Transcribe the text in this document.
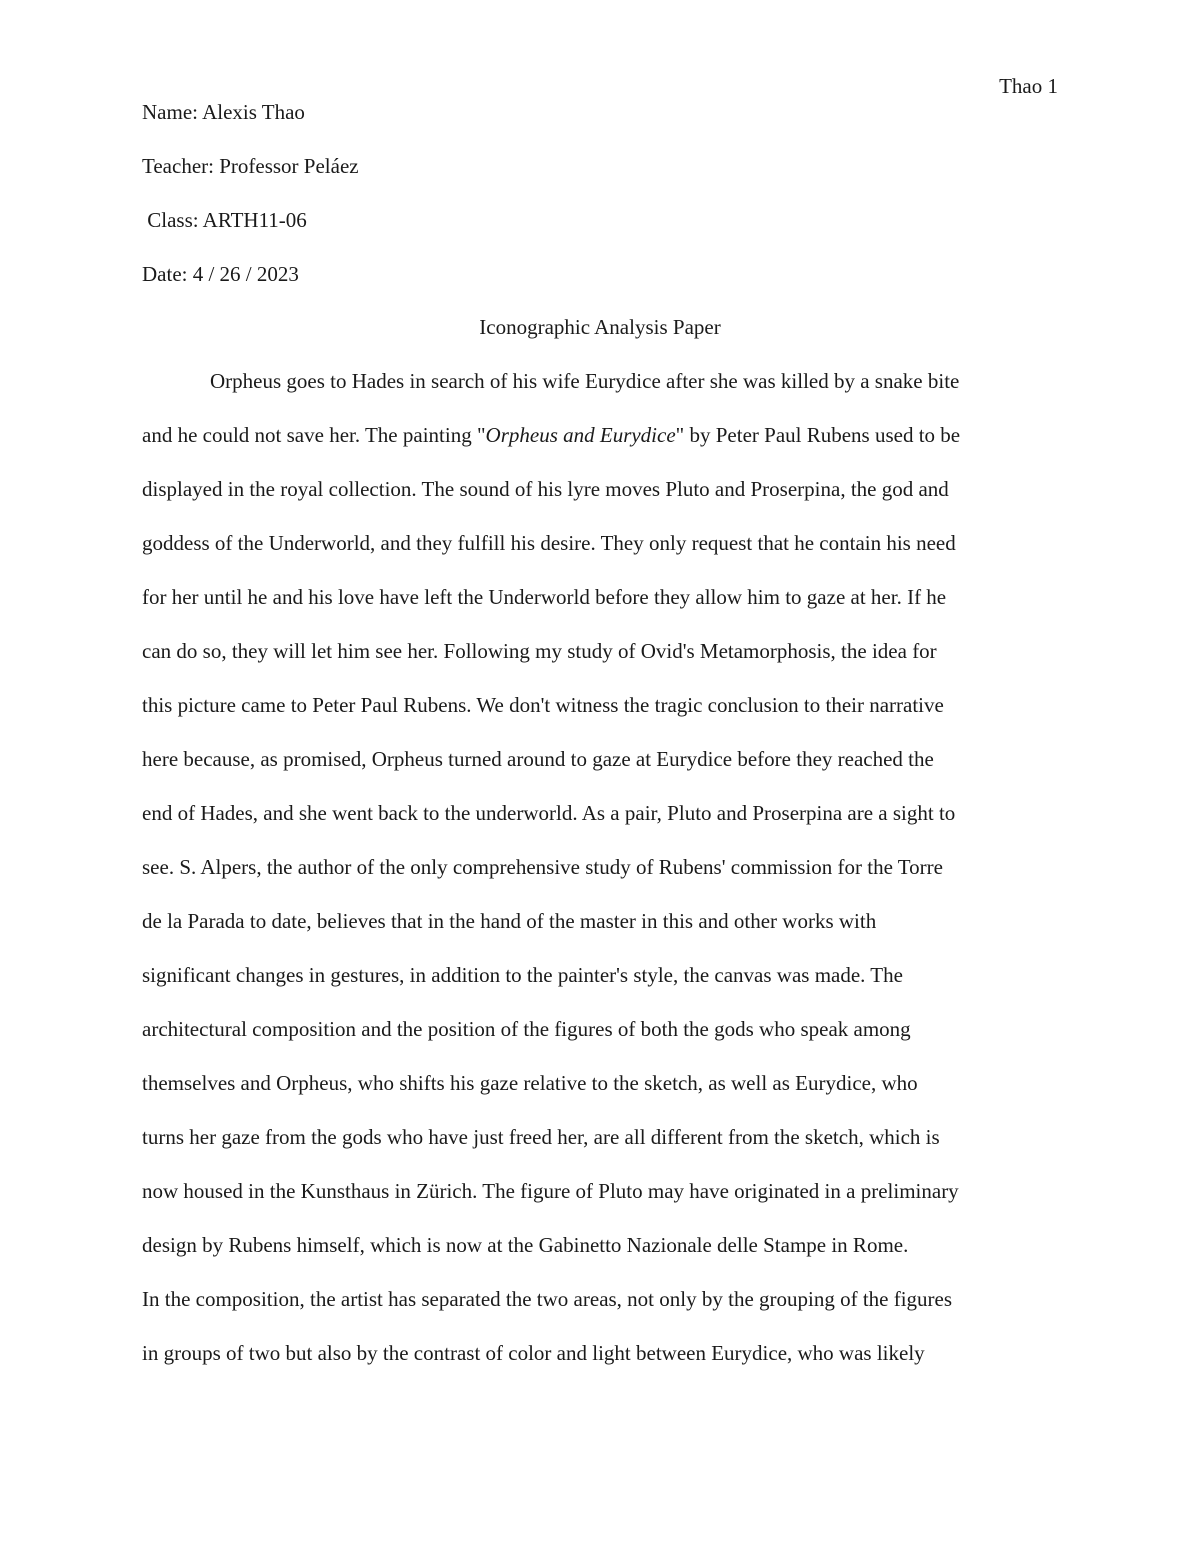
Thao 1
Name: Alexis Thao
Teacher: Professor Peláez
Class: ARTH11-06
Date: 4 / 26 / 2023
Iconographic Analysis Paper
Orpheus goes to Hades in search of his wife Eurydice after she was killed by a snake bite
and he could not save her. The painting "Orpheus and Eurydice" by Peter Paul Rubens used to be
displayed in the royal collection. The sound of his lyre moves Pluto and Proserpina, the god and
goddess of the Underworld, and they fulfill his desire. They only request that he contain his need
for her until he and his love have left the Underworld before they allow him to gaze at her. If he
can do so, they will let him see her. Following my study of Ovid's Metamorphosis, the idea for
this picture came to Peter Paul Rubens. We don't witness the tragic conclusion to their narrative
here because, as promised, Orpheus turned around to gaze at Eurydice before they reached the
end of Hades, and she went back to the underworld. As a pair, Pluto and Proserpina are a sight to
see. S. Alpers, the author of the only comprehensive study of Rubens' commission for the Torre
de la Parada to date, believes that in the hand of the master in this and other works with
significant changes in gestures, in addition to the painter's style, the canvas was made. The
architectural composition and the position of the figures of both the gods who speak among
themselves and Orpheus, who shifts his gaze relative to the sketch, as well as Eurydice, who
turns her gaze from the gods who have just freed her, are all different from the sketch, which is
now housed in the Kunsthaus in Zürich. The figure of Pluto may have originated in a preliminary
design by Rubens himself, which is now at the Gabinetto Nazionale delle Stampe in Rome.
In the composition, the artist has separated the two areas, not only by the grouping of the figures
in groups of two but also by the contrast of color and light between Eurydice, who was likely
